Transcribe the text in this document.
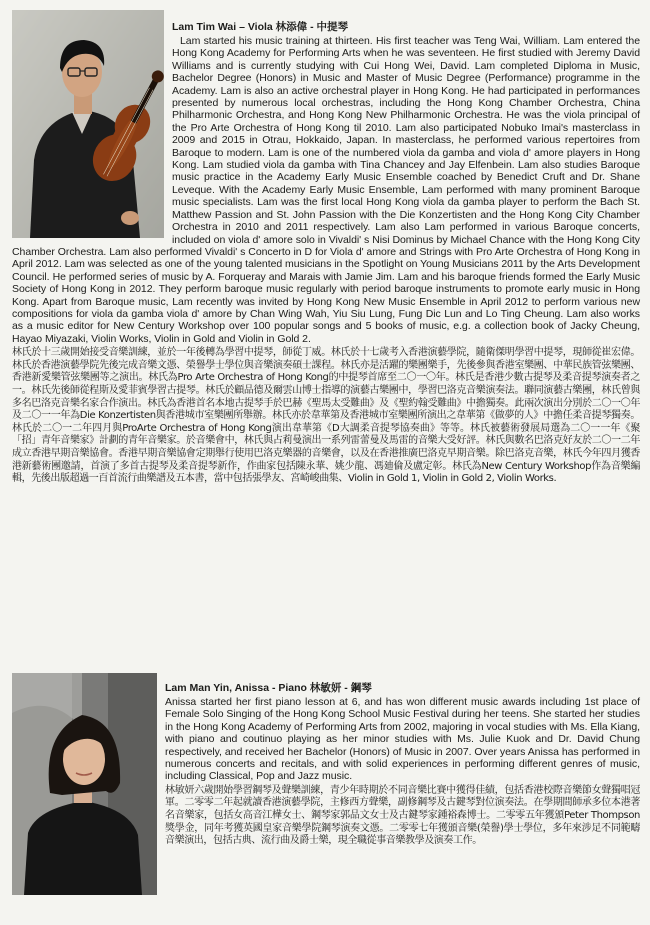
Lam Tim Wai – Viola 林添偉 - 中提琴

Lam started his music training at thirteen. His first teacher was Teng Wai, William. Lam entered the Hong Kong Academy for Performing Arts when he was seventeen. He first studied with Jeremy David Williams and is currently studying with Cui Hong Wei, David. Lam completed Diploma in Music, Bachelor Degree (Honors) in Music and Master of Music Degree (Performance) programme in the Academy. Lam is also an active orchestral player in Hong Kong. He had participated in performances presented by numerous local orchestras, including the Hong Kong Chamber Orchestra, China Philharmonic Orchestra, and Hong Kong New Philharmonic Orchestra. He was the viola principal of the Pro Arte Orchestra of Hong Kong til 2010. Lam also participated Nobuko Imai's masterclass in 2009 and 2015 in Otrau, Hokkaido, Japan. In masterclass, he performed various repertoires from Baroque to modern. Lam is one of the numbered viola da gamba and viola d' amore players in Hong Kong. Lam studied viola da gamba with Tina Chancey and Jay Elfenbein. Lam also studies Baroque music practice in the Academy Early Music Ensemble coached by Benedict Cruft and Dr. Shane Leveque. With the Academy Early Music Ensemble, Lam performed with many prominent Baroque music specialists. Lam was the first local Hong Kong viola da gamba player to perform the Bach St. Matthew Passion and St. John Passion with the Die Konzertisten and the Hong Kong City Chamber Orchestra in 2010 and 2011 respectively. Lam also Lam performed in various Baroque concerts, included on viola d' amore solo in Vivaldi' s Nisi Dominus by Michael Chance with the Hong Kong City Chamber Orchestra. Lam also performed Vivaldi' s Concerto in D for Viola d' amore and Strings with Pro Arte Orchestra of Hong Kong in April 2012. Lam was selected as one of the young talented musicians in the Spotlight on Young Musicians 2011 by the Arts Development Council. He performed series of music by A. Forqueray and Marais with Jamie Jim. Lam and his baroque friends formed the Early Music Society of Hong Kong in 2012. They perform baroque music regularly with period baroque instruments to promote early music in Hong Kong. Apart from Baroque music, Lam recently was invited by Hong Kong New Music Ensemble in April 2012 to perform various new compositions for viola da gamba viola d' amore by Chan Wing Wah, Yiu Siu Lung, Fung Dic Lun and Lo Ting Cheung. Lam also works as a music editor for New Century Workshop over 100 popular songs and 5 books of music, e.g. a collection book of Jacky Cheung, Hayao Miyazaki, Violin Works, Violin in Gold and Violin in Gold 2.

林氏於十三歲開始接受音樂訓練，並於一年後轉為學習中提琴，師從丁威。林氏於十七歲考入香港演藝學院，隨衛傑明學習中提琴，現師從崔宏偉。林氏於香港演藝學院先後完成音樂文憑、榮譽學士學位與音樂演奏碩士課程。林氏亦是活躍的樂團樂手，先後參與香港室樂團、中華民族管弦樂團、香港新愛樂管弦樂團等之演出。林氏為Pro Arte Orchestra of Hong Kong的中提琴首席至二〇一〇年。林氏是香港少數古提琴及柔音提琴演奏者之一。林氏先後師從程斯及愛菲賓學習古提琴。林氏於顧品德及爾雲山博士指導的演藝古樂團中，學習巴洛克音樂演奏法。聯同演藝古樂團，林氏曾與多名巴洛克音樂名家合作演出。林氏為香港首名本地古提琴手於巴赫《聖馬太受難曲》及《聖約翰受難曲》中擔獨奏。此兩次演出分別於二〇一〇年及二〇一一年為Die Konzertisten與香港城市室樂團所舉辦。林氏亦於韋華第及香港城市室樂團所演出之韋華第《做夢的人》中擔任柔音提琴獨奏。林氏於二〇一二年四月與ProArte Orchestra of Hong Kong演出韋華第《D大調柔音提琴協奏曲》等等。林氏被藝術發展局選為二〇一一年《聚「招」青年音樂家》計劃的青年音樂家。於音樂會中，林氏與占莉曼演出一系列雷蕾曼及馬雷的音樂大受好評。林氏與數名巴洛克好友於二〇一二年成立香港早期音樂協會。香港早期音樂協會定期舉行使用巴洛克樂器的音樂會，以及在香港推廣巴洛克早期音樂。除巴洛克音樂，林氏今年四月獲香港新藝術團邀請，首演了多首古提琴及柔音提琴新作，作曲家包括陳永華、姚少龍、馮廸倫及盧定彰。林氏為New Century Workshop作為音樂編輯，先後出版超過一百首流行曲樂譜及五本書，當中包括張學友、宮崎峻曲集、Violin in Gold 1, Violin in Gold 2, Violin Works.

Lam Man Yin, Anissa - Piano 林敏妍 - 鋼琴

Anissa started her first piano lesson at 6, and has won different music awards including 1st place of Female Solo Singing of the Hong Kong School Music Festival during her teens. She started her studies in the Hong Kong Academy of Performing Arts from 2002, majoring in vocal studies with Ms. Ella Kiang, with piano and coutinuo playing as her minor studies with Ms. Julie Kuok and Dr. David Chung respectively, and received her Bachelor (Honors) of Music in 2007. Over years Anissa has performed in numerous concerts and recitals, and with solid experiences in performing different genres of music, including Classical, Pop and Jazz music.

林敏妍六歲開始學習鋼琴及聲樂訓練，青少年時期於不同音樂比賽中獲得佳績，包括香港校際音樂節女聲獨唱冠軍。二零零二年起就讀香港演藝學院，主修西方聲樂，副修鋼琴及古鍵琴對位演奏法。在學期間師承多位本港著名音樂家，包括女高音江樺女士、鋼琴家郭品文女士及古鍵琴家鍾裕森博士。二零零五年獲頒Peter Thompson獎學金，同年考獲英國皇家音樂學院鋼琴演奏文憑。二零零七年獲頒音樂(榮譽)學士學位，多年來涉足不同範疇音樂演出，包括古典、流行曲及爵士樂，現全職從事音樂教學及演奏工作。
